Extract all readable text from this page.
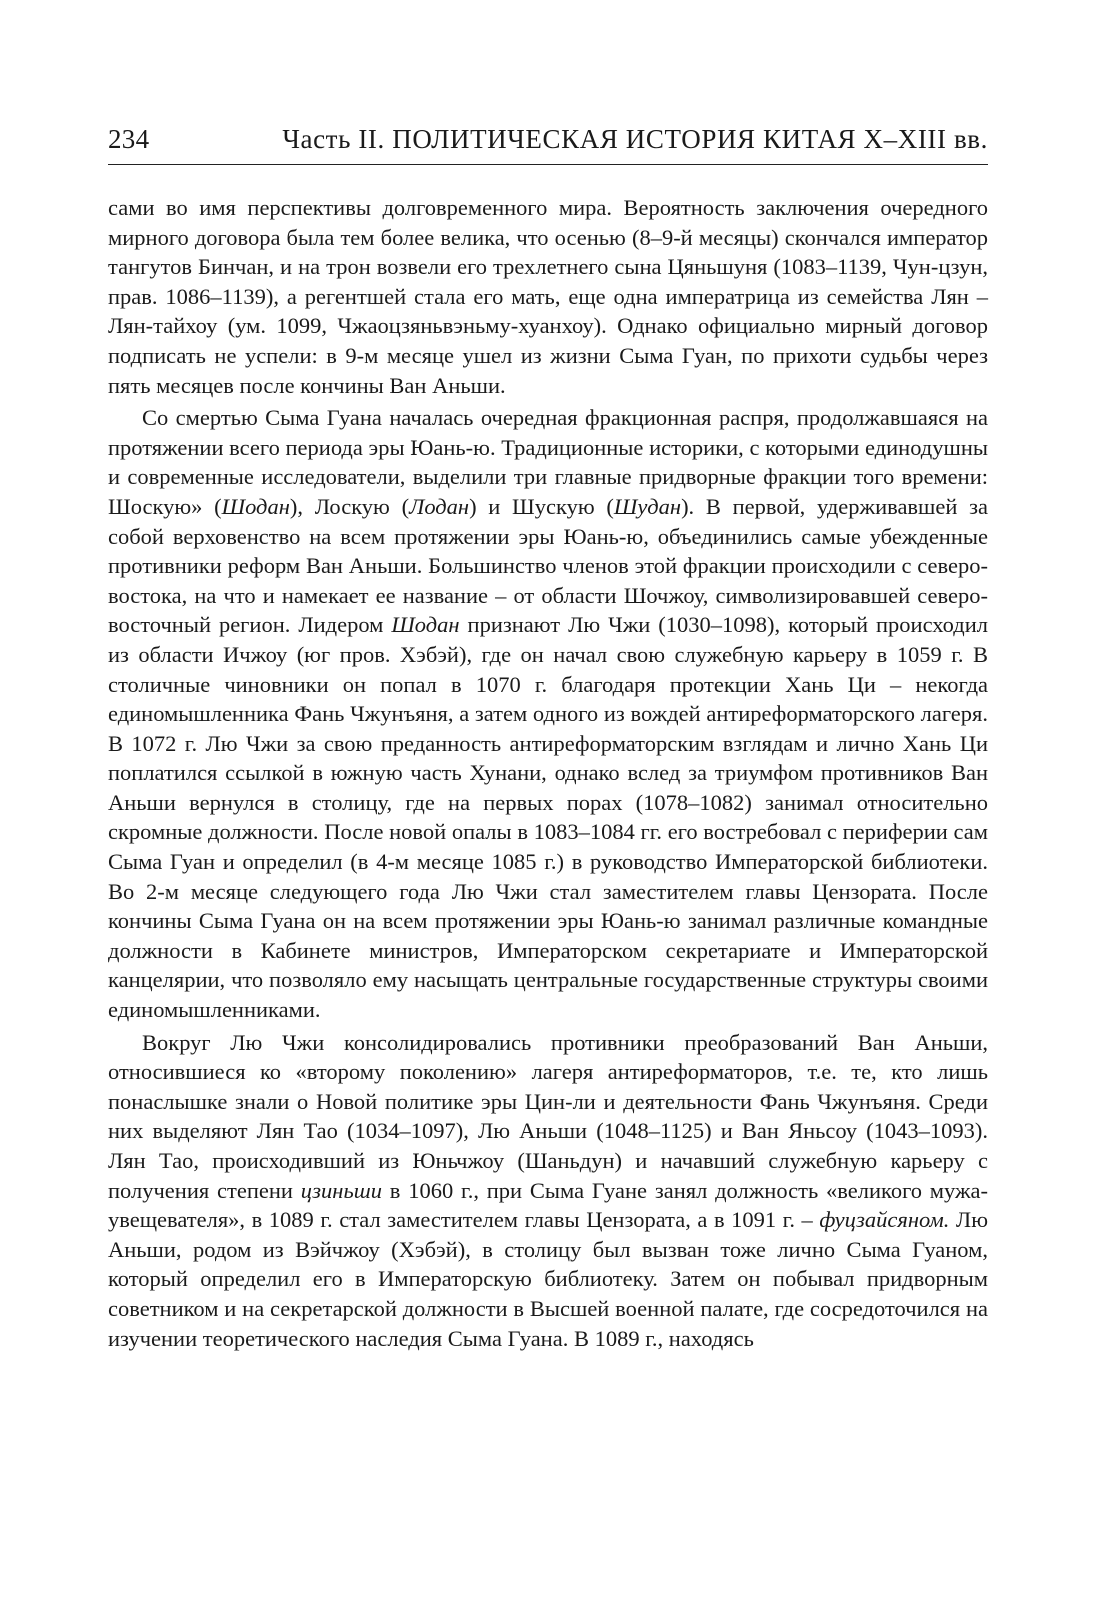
234	Часть II. ПОЛИТИЧЕСКАЯ ИСТОРИЯ КИТАЯ X–XIII вв.

сами во имя перспективы долговременного мира. Вероятность заключения очередного мирного договора была тем более велика, что осенью (8–9-й месяцы) скончался император тангутов Бинчан, и на трон возвели его трехлетнего сына Цяньшуня (1083–1139, Чун-цзун, прав. 1086–1139), а регентшей стала его мать, еще одна императрица из семейства Лян – Лян-тайхоу (ум. 1099, Чжаоцзяньвэньму-хуанхоу). Однако официально мирный договор подписать не успели: в 9-м месяце ушел из жизни Сыма Гуан, по прихоти судьбы через пять месяцев после кончины Ван Аньши.

Со смертью Сыма Гуана началась очередная фракционная распря, продолжавшаяся на протяжении всего периода эры Юань-ю. Традиционные историки, с которыми единодушны и современные исследователи, выделили три главные придворные фракции того времени: Шоскую» (Шодан), Лоскую (Лодан) и Шускую (Шудан). В первой, удерживавшей за собой верховенство на всем протяжении эры Юань-ю, объединились самые убежденные противники реформ Ван Аньши. Большинство членов этой фракции происходили с северо-востока, на что и намекает ее название – от области Шочжоу, символизировавшей северо-восточный регион. Лидером Шодан признают Лю Чжи (1030–1098), который происходил из области Ичжоу (юг пров. Хэбэй), где он начал свою служебную карьеру в 1059 г. В столичные чиновники он попал в 1070 г. благодаря протекции Хань Ци – некогда единомышленника Фань Чжунъяня, а затем одного из вождей антиреформаторского лагеря. В 1072 г. Лю Чжи за свою преданность антиреформаторским взглядам и лично Хань Ци поплатился ссылкой в южную часть Хунани, однако вслед за триумфом противников Ван Аньши вернулся в столицу, где на первых порах (1078–1082) занимал относительно скромные должности. После новой опалы в 1083–1084 гг. его востребовал с периферии сам Сыма Гуан и определил (в 4-м месяце 1085 г.) в руководство Императорской библиотеки. Во 2-м месяце следующего года Лю Чжи стал заместителем главы Цензората. После кончины Сыма Гуана он на всем протяжении эры Юань-ю занимал различные командные должности в Кабинете министров, Императорском секретариате и Императорской канцелярии, что позволяло ему насыщать центральные государственные структуры своими единомышленниками.

Вокруг Лю Чжи консолидировались противники преобразований Ван Аньши, относившиеся ко «второму поколению» лагеря антиреформаторов, т.е. те, кто лишь понаслышке знали о Новой политике эры Цин-ли и деятельности Фань Чжунъяня. Среди них выделяют Лян Тао (1034–1097), Лю Аньши (1048–1125) и Ван Яньсоу (1043–1093). Лян Тао, происходивший из Юньчжоу (Шаньдун) и начавший служебную карьеру с получения степени цзиньши в 1060 г., при Сыма Гуане занял должность «великого мужа-увещевателя», в 1089 г. стал заместителем главы Цензората, а в 1091 г. – фуцзайсяном. Лю Аньши, родом из Вэйчжоу (Хэбэй), в столицу был вызван тоже лично Сыма Гуаном, который определил его в Императорскую библиотеку. Затем он побывал придворным советником и на секретарской должности в Высшей военной палате, где сосредоточился на изучении теоретического наследия Сыма Гуана. В 1089 г., находясь
